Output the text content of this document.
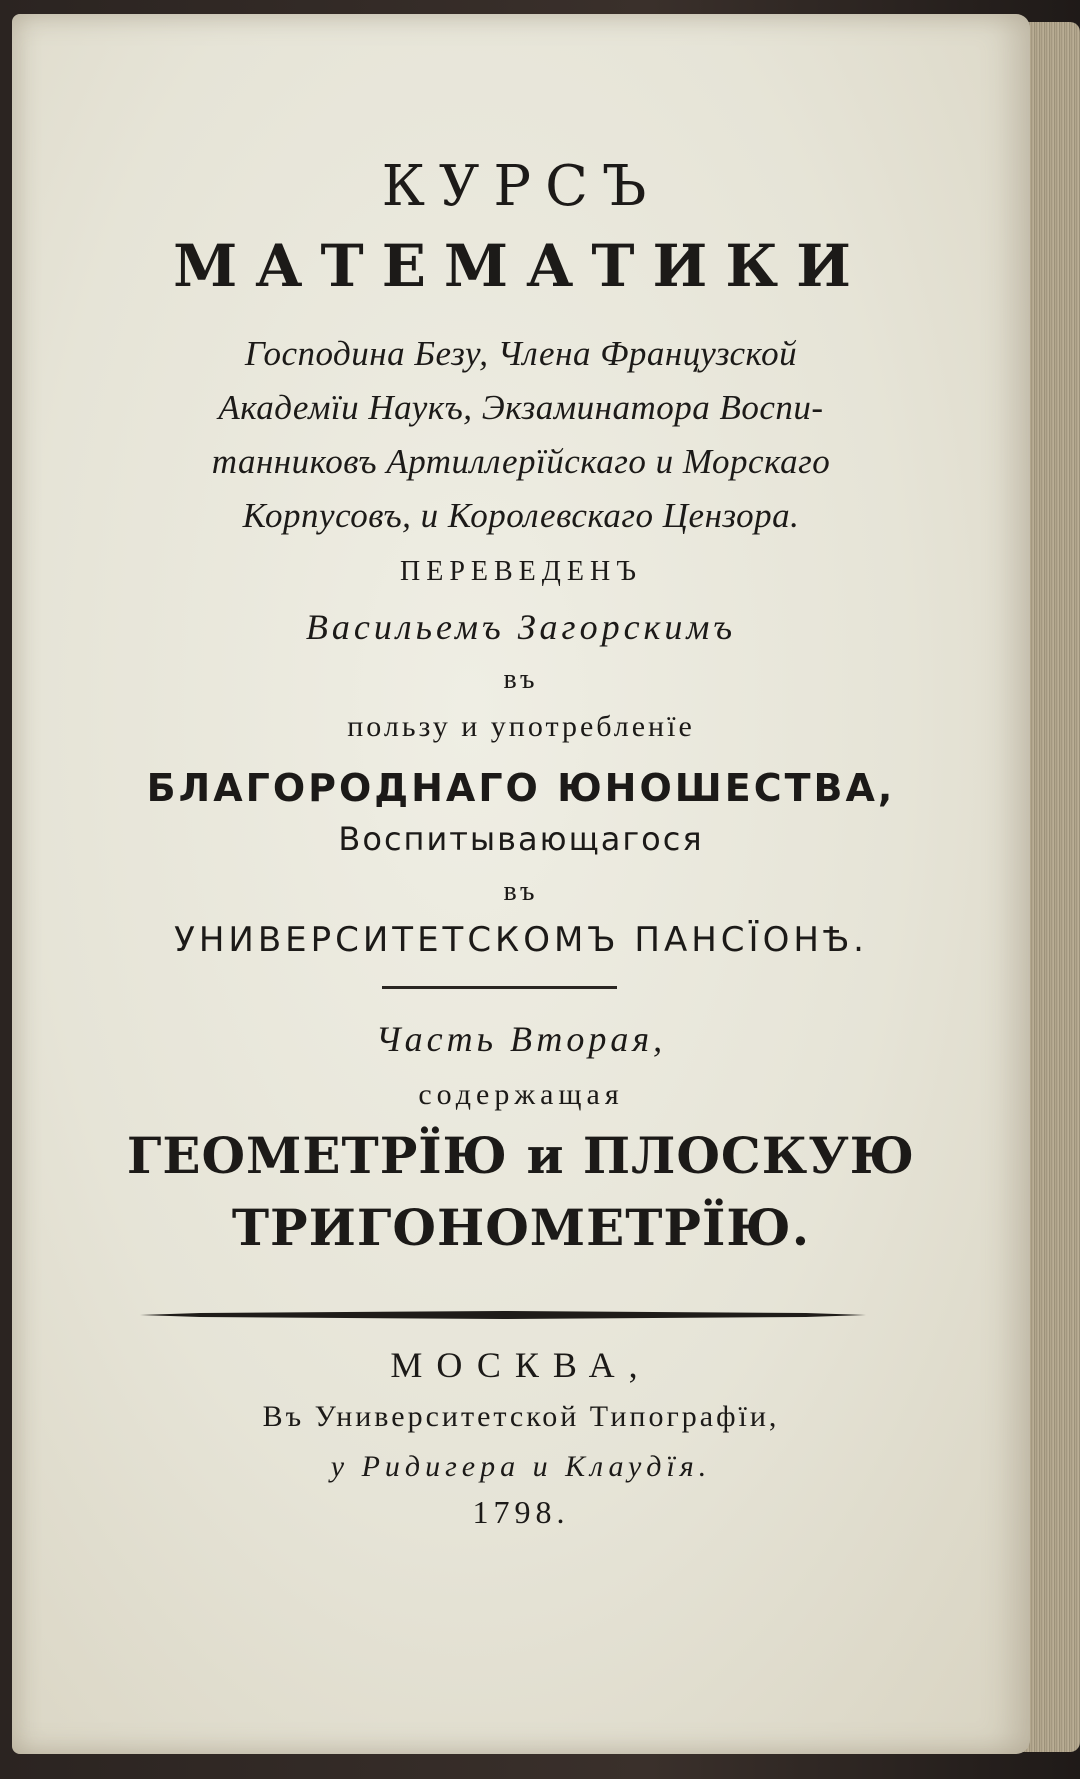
КУРСЪ
МАТЕМАТИКИ
Господина Безу, Члена Французской
Академїи Наукъ, Экзаминатора Воспи-
танниковъ Артиллерїйскаго и Морскаго
Корпусовъ, и Королевскаго Цензора.
ПЕРЕВЕДЕНЪ
Васильемъ Загорскимъ
въ
пользу и употребленїе
БЛАГОРОДНАГО ЮНОШЕСТВА,
Воспитывающагося
въ
УНИВЕРСИТЕТСКОМЪ ПАНСЇОНѢ.
Часть Вторая,
содержащая
ГЕОМЕТРЇЮ и ПЛОСКУЮ
ТРИГОНОМЕТРЇЮ.
МОСКВА,
Въ Университетской Типографїи,
у Ридигера и Клаудїя.
1798.
